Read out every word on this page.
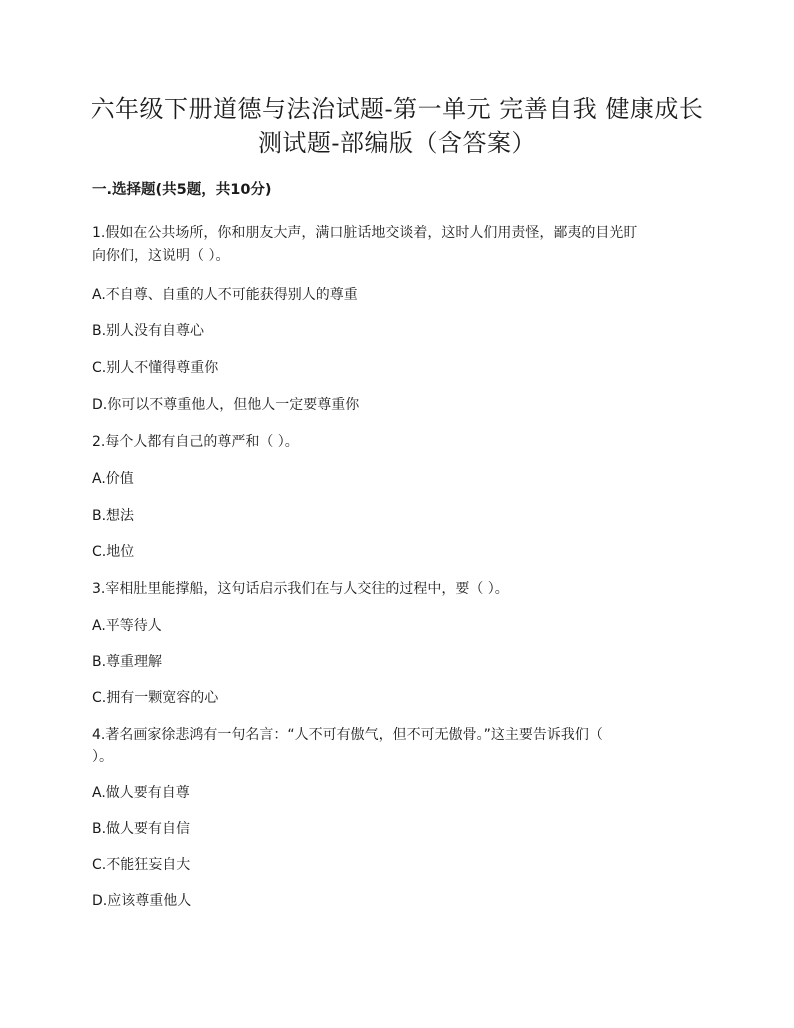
六年级下册道德与法治试题-第一单元 完善自我 健康成长
测试题-部编版（含答案）
一.选择题(共5题，共10分)
1.假如在公共场所，你和朋友大声，满口脏话地交谈着，这时人们用责怪，鄙夷的目光盯
向你们，这说明（ ）。
A.不自尊、自重的人不可能获得别人的尊重
B.别人没有自尊心
C.别人不懂得尊重你
D.你可以不尊重他人，但他人一定要尊重你
2.每个人都有自己的尊严和（ ）。
A.价值
B.想法
C.地位
3.宰相肚里能撑船，这句话启示我们在与人交往的过程中，要（ ）。
A.平等待人
B.尊重理解
C.拥有一颗宽容的心
4.著名画家徐悲鸿有一句名言：“人不可有傲气，但不可无傲骨。”这主要告诉我们（
）。
A.做人要有自尊
B.做人要有自信
C.不能狂妄自大
D.应该尊重他人
